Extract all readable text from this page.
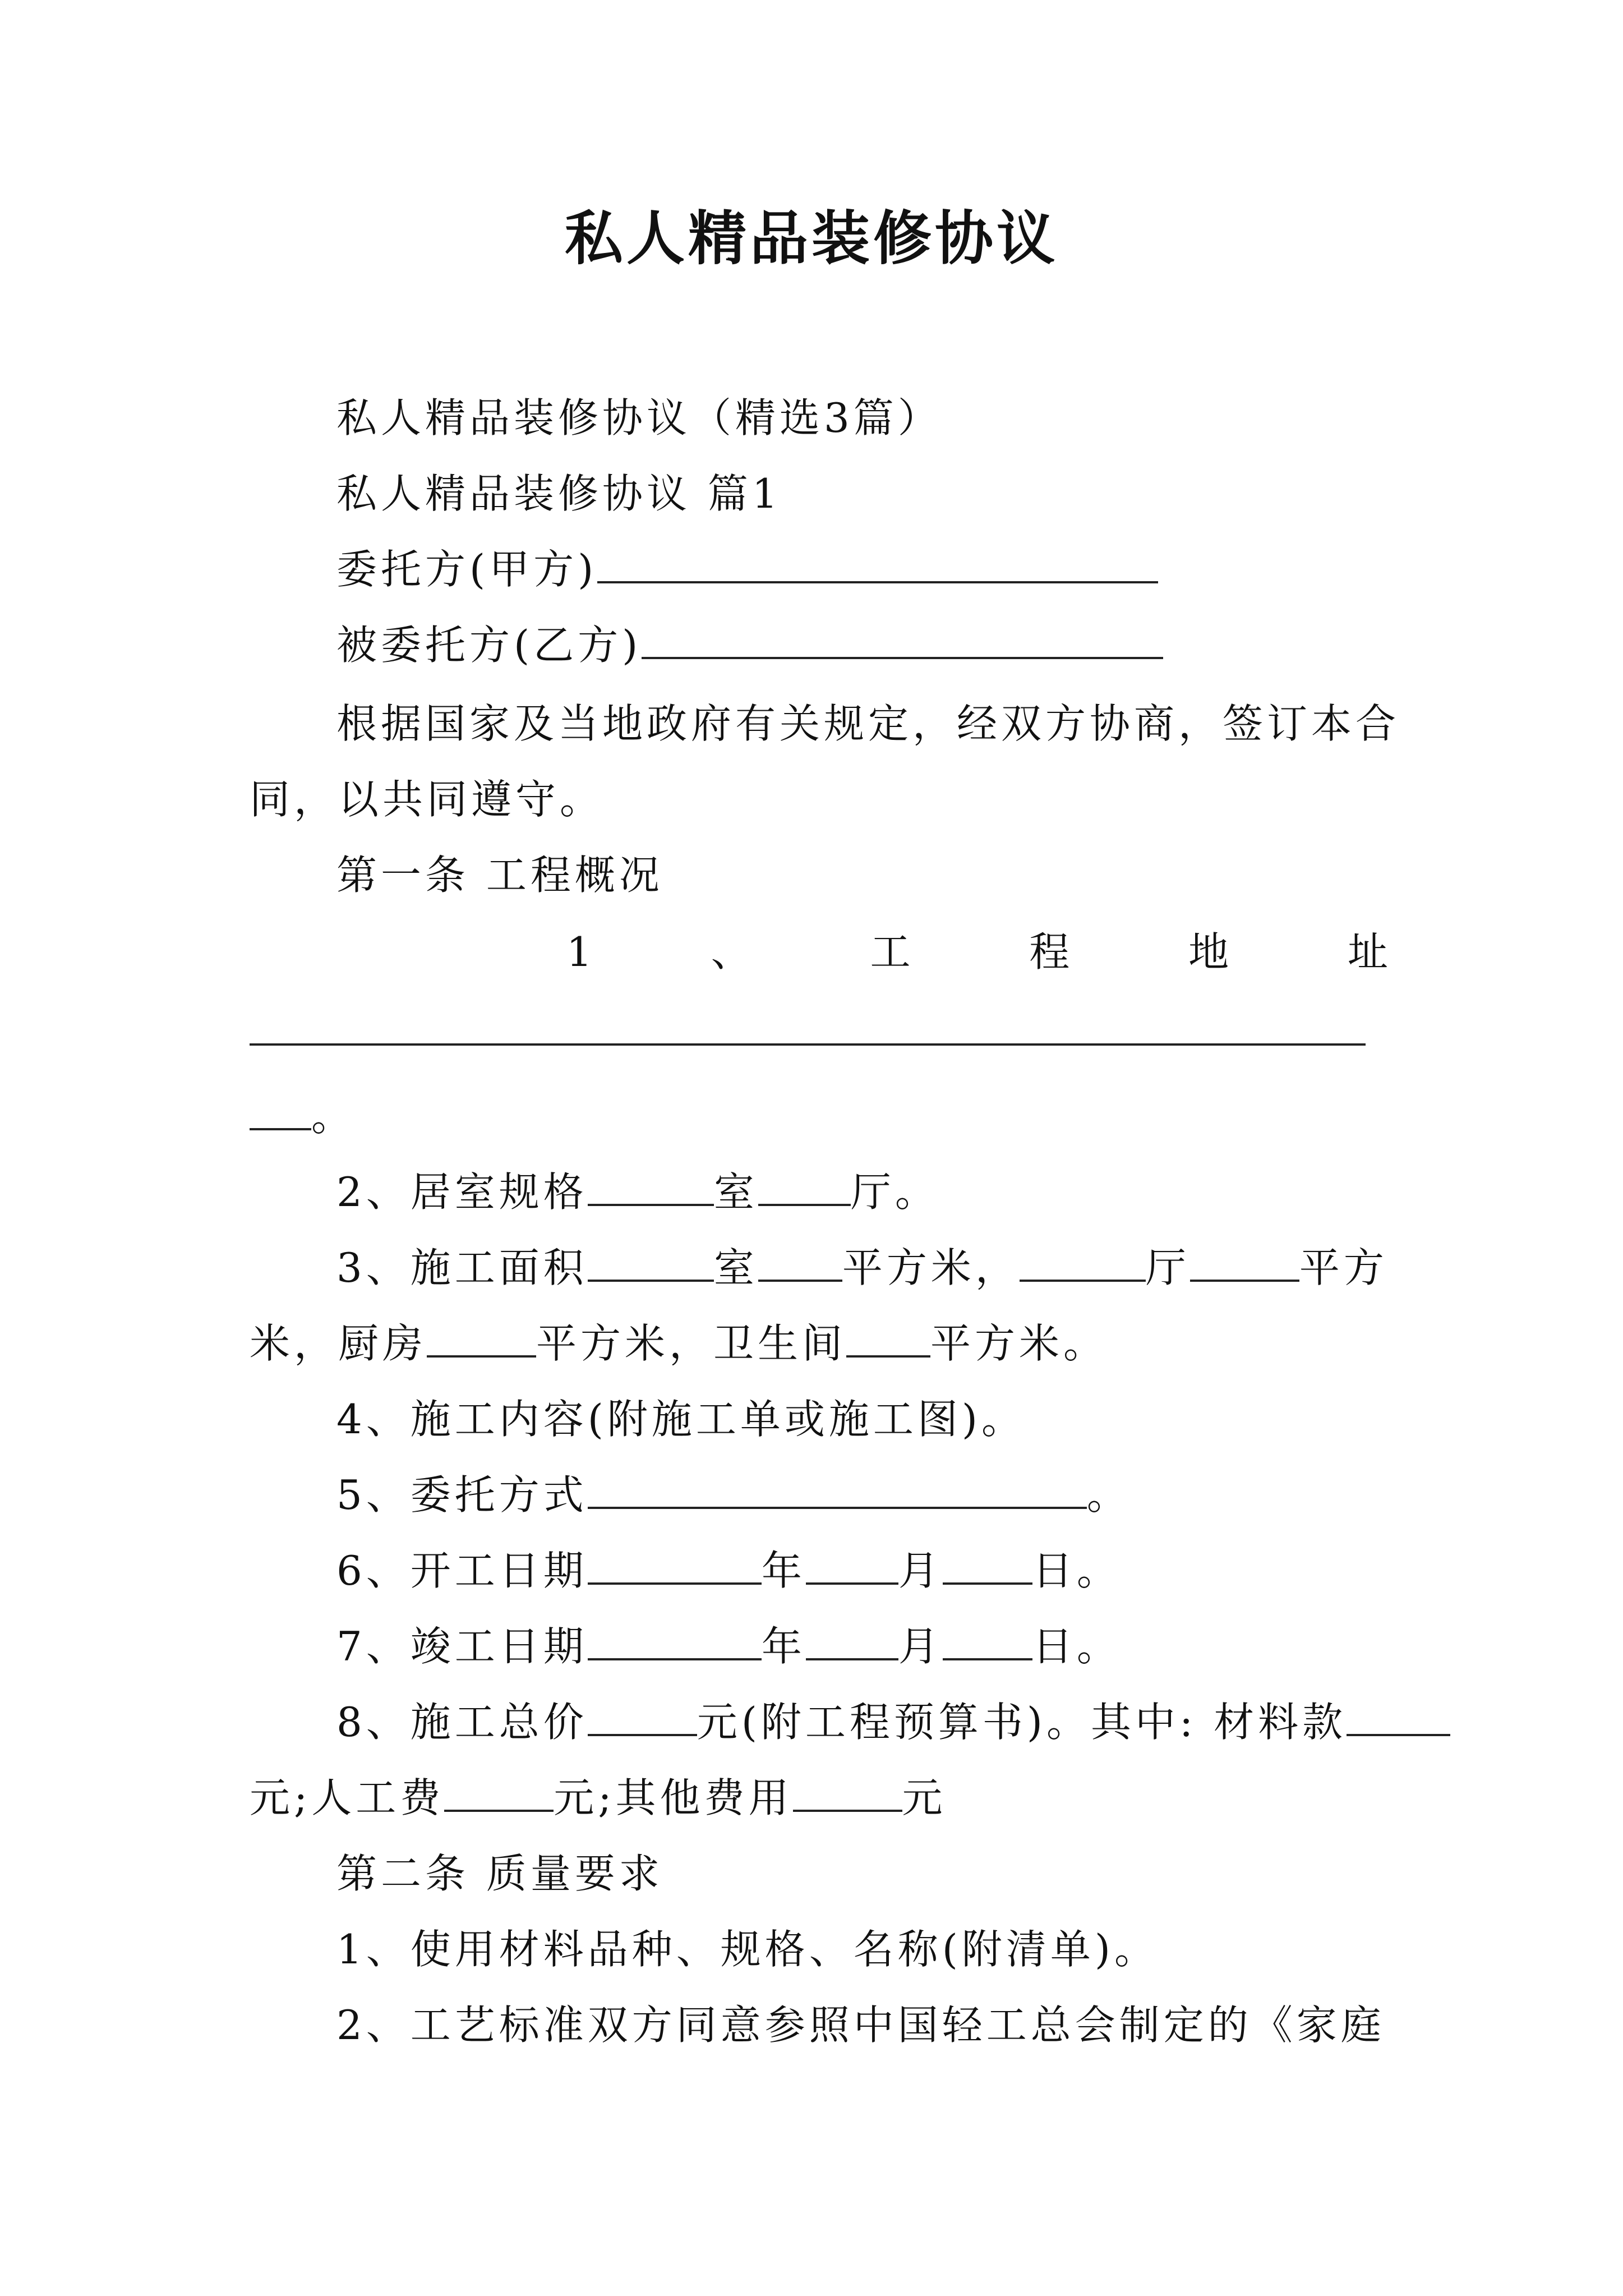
私人精品装修协议
私人精品装修协议（精选3篇）
私人精品装修协议 篇1
委托方(甲方)
被委托方(乙方)
根据国家及当地政府有关规定，经双方协商，签订本合
同，以共同遵守。
第一条 工程概况
1	、	工	程	地	址
。
2、居室规格	室 厅。
3、施工面积	室 平方米，	厅	平方
米，厨房	平方米，卫生间 平方米。
4、施工内容(附施工单或施工图)。
5、委托方式	。
6、开工日期	年 月 日。
7、竣工日期	年 月 日。
8、施工总价	元(附工程预算书)。其中: 材料款
元;人工费	元;其他费用	元
第二条 质量要求
1、使用材料品种、规格、名称(附清单)。
2、工艺标准双方同意参照中国轻工总会制定的《家庭
